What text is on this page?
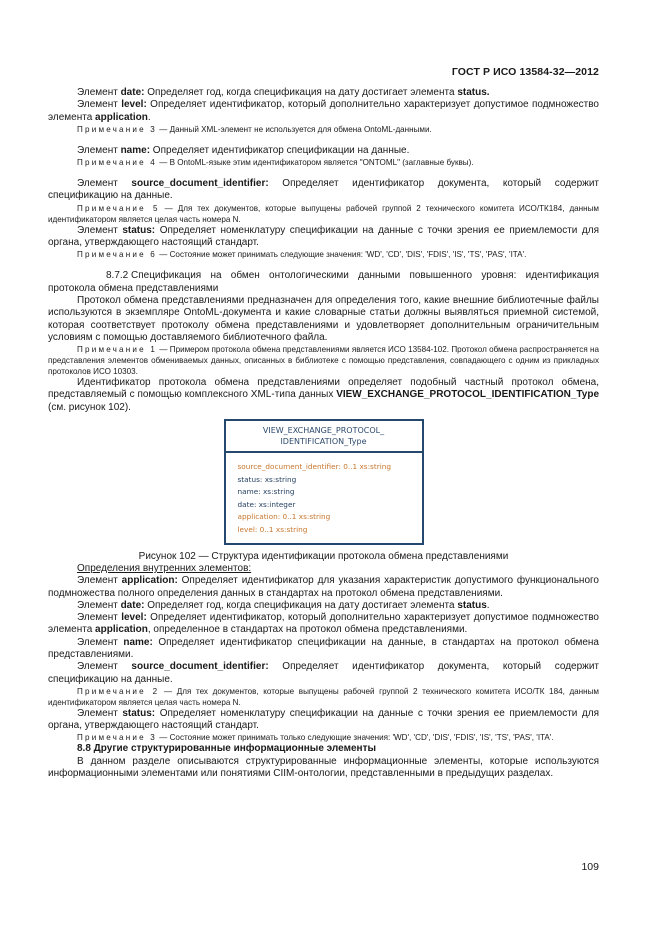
ГОСТ Р ИСО 13584-32—2012

Элемент date: Определяет год, когда спецификация на дату достигает элемента status.

Элемент level: Определяет идентификатор, который дополнительно характеризует допустимое подмножество элемента application.

Примечание 3 — Данный XML-элемент не используется для обмена OntoML-данными.

Элемент name: Определяет идентификатор спецификации на данные.

Примечание 4 — В OntoML-языке этим идентификатором является "ONTOML" (заглавные буквы).

Элемент source_document_identifier: Определяет идентификатор документа, который содержит спецификацию на данные.

Примечание 5 — Для тех документов, которые выпущены рабочей группой 2 технического комитета ИСО/ТК184, данным идентификатором является целая часть номера N.

Элемент status: Определяет номенклатуру спецификации на данные с точки зрения ее приемлемости для органа, утверждающего настоящий стандарт.

Примечание 6 — Состояние может принимать следующие значения: 'WD', 'CD', 'DIS', 'FDIS', 'IS', 'TS', 'PAS', 'ITA'.

8.7.2 Спецификация на обмен онтологическими данными повышенного уровня: идентификация протокола обмена представлениями

Протокол обмена представлениями предназначен для определения того, какие внешние библиотечные файлы используются в экземпляре OntoML-документа и какие словарные статьи должны выявляться приемной системой, которая соответствует протоколу обмена представлениями и удовлетворяет дополнительным ограничительным условиям с помощью доставляемого библиотечного файла.

Примечание 1 — Примером протокола обмена представлениями является ИСО 13584-102. Протокол обмена распространяется на представления элементов обмениваемых данных, описанных в библиотеке с помощью представления, совпадающего с одним из прикладных протоколов ИСО 10303.

Идентификатор протокола обмена представлениями определяет подобный частный протокол обмена, представляемый с помощью комплексного XML-типа данных VIEW_EXCHANGE_PROTOCOL_IDENTIFICATION_Type (см. рисунок 102).

VIEW_EXCHANGE_PROTOCOL_
IDENTIFICATION_Type
source_document_identifier: 0..1 xs:string
status: xs:string
name: xs:string
date: xs:integer
application: 0..1 xs:string
level: 0..1 xs:string

Рисунок 102 — Структура идентификации протокола обмена представлениями

Определения внутренних элементов:

Элемент application: Определяет идентификатор для указания характеристик допустимого функционального подмножества полного определения данных в стандартах на протокол обмена представлениями.

Элемент date: Определяет год, когда спецификация на дату достигает элемента status.

Элемент level: Определяет идентификатор, который дополнительно характеризует допустимое подмножество элемента application, определенное в стандартах на протокол обмена представлениями.

Элемент name: Определяет идентификатор спецификации на данные, в стандартах на протокол обмена представлениями.

Элемент source_document_identifier: Определяет идентификатор документа, который содержит спецификацию на данные.

Примечание 2 — Для тех документов, которые выпущены рабочей группой 2 технического комитета ИСО/ТК 184, данным идентификатором является целая часть номера N.

Элемент status: Определяет номенклатуру спецификации на данные с точки зрения ее приемлемости для органа, утверждающего настоящий стандарт.

Примечание 3 — Состояние может принимать только следующие значения: 'WD', 'CD', 'DIS', 'FDIS', 'IS', 'TS', 'PAS', 'ITA'.

8.8 Другие структурированные информационные элементы

В данном разделе описываются структурированные информационные элементы, которые используются информационными элементами или понятиями CIIM-онтологии, представленными в предыдущих разделах.

109
